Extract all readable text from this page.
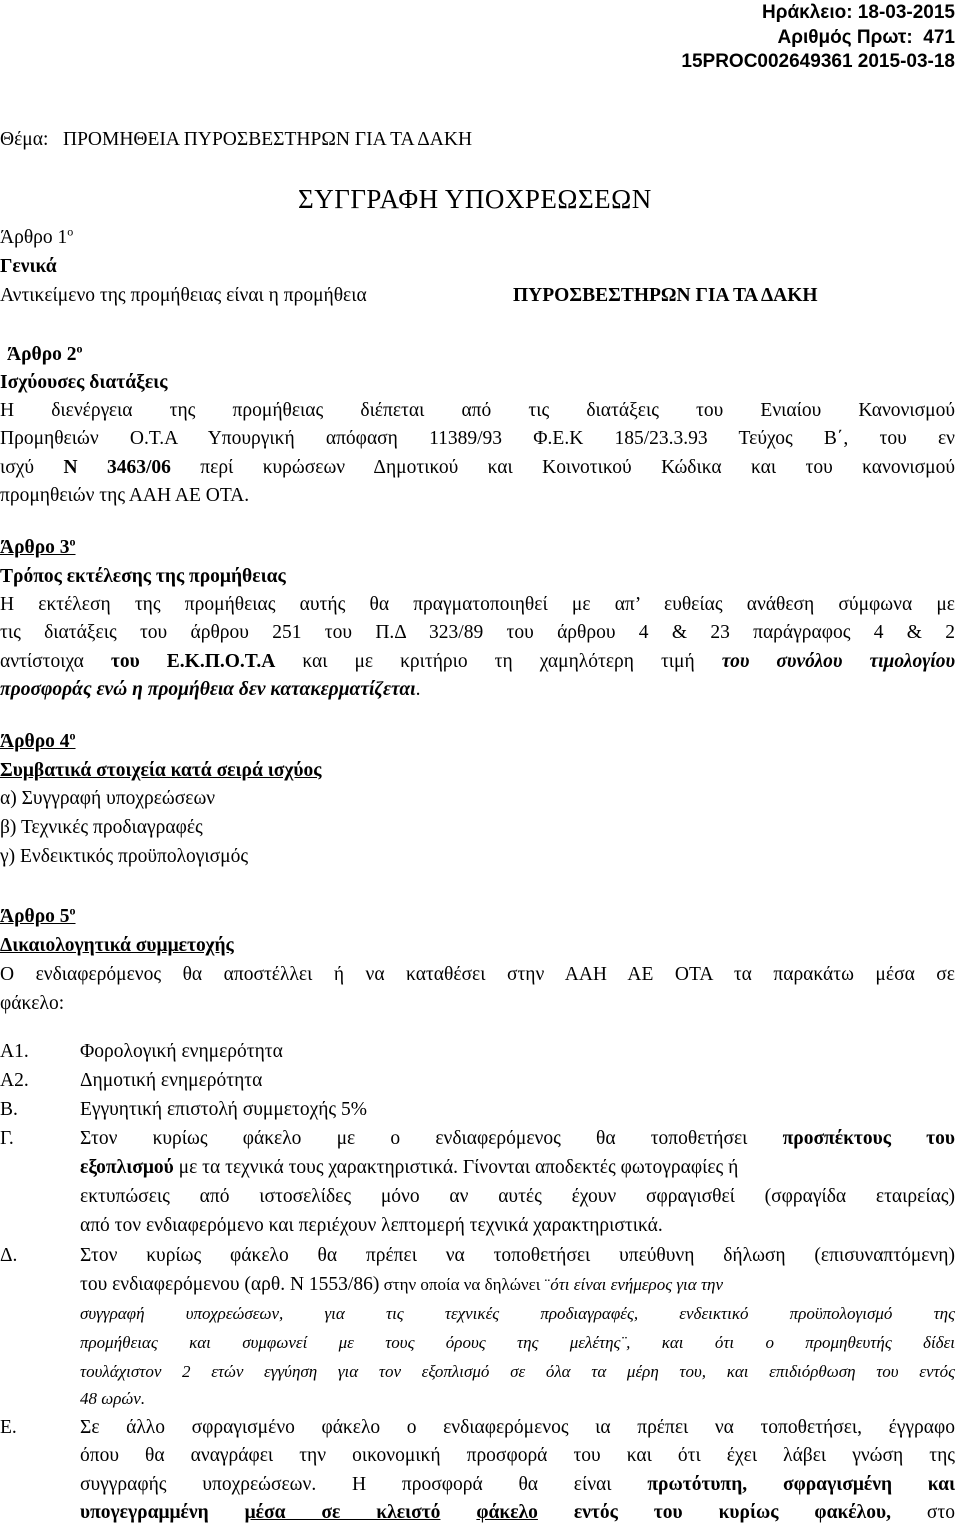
Ηράκλειο: 18-03-2015
Αριθμός Πρωτ: 471
15PROC002649361 2015-03-18
Θέμα: ΠΡΟΜΗΘΕΙΑ ΠΥΡΟΣΒΕΣΤΗΡΩΝ ΓΙΑ ΤΑ ΔΑΚΗ
ΣΥΓΓΡΑΦΗ ΥΠΟΧΡΕΩΣΕΩΝ
Άρθρο $1^o$
Γενικά
Αντικείμενο της προμήθειας είναι η προμήθεια	ΠΥΡΟΣΒΕΣΤΗΡΩΝ ΓΙΑ ΤΑ ΔΑΚΗ
Άρθρο $2^o$
Ισχύουσες διατάξεις
Η διενέργεια της προμήθειας διέπεται από τις διατάξεις του Ενιαίου Κανονισμού
Προμηθειών Ο.Τ.Α Υπουργική απόφαση 11389/93 Φ.Ε.Κ 185/23.3.93 Τεύχος Β΄, του εν
ισχύ Ν 3463/06 περί κυρώσεων Δημοτικού και Κοινοτικού Κώδικα και του κανονισμού
προμηθειών της ΑΑΗ ΑΕ ΟΤΑ.
Άρθρο $3^o$
Τρόπος εκτέλεσης της προμήθειας
Η εκτέλεση της προμήθειας αυτής θα πραγματοποιηθεί με απ’ ευθείας ανάθεση σύμφωνα με
τις διατάξεις του άρθρου 251 του Π.Δ 323/89 του άρθρου 4 & 23 παράγραφος 4 & 2
αντίστοιχα του Ε.Κ.Π.Ο.Τ.Α και με κριτήριο τη χαμηλότερη τιμή του συνόλου τιμολογίου
προσφοράς ενώ η προμήθεια δεν κατακερματίζεται.
Άρθρο $4^o$
Συμβατικά στοιχεία κατά σειρά ισχύος
α) Συγγραφή υποχρεώσεων
β) Τεχνικές προδιαγραφές
γ) Ενδεικτικός προϋπολογισμός
Άρθρο $5^o$
Δικαιολογητικά συμμετοχής
Ο ενδιαφερόμενος θα αποστέλλει ή να καταθέσει στην ΑΑΗ ΑΕ ΟΤΑ τα παρακάτω μέσα σε
φάκελο:
Α1.	Φορολογική ενημερότητα
Α2.	Δημοτική ενημερότητα
Β.	Εγγυητική επιστολή συμμετοχής 5%
Γ.	Στον κυρίως φάκελο με ο ενδιαφερόμενος θα τοποθετήσει προσπέκτους του
εξοπλισμού με τα τεχνικά τους χαρακτηριστικά. Γίνονται αποδεκτές φωτογραφίες ή
εκτυπώσεις από ιστοσελίδες μόνο αν αυτές έχουν σφραγισθεί (σφραγίδα εταιρείας)
από τον ενδιαφερόμενο και περιέχουν λεπτομερή τεχνικά χαρακτηριστικά.
Δ.	Στον κυρίως φάκελο θα πρέπει να τοποθετήσει υπεύθυνη δήλωση (επισυναπτόμενη)
του ενδιαφερόμενου (αρθ. Ν 1553/86) στην οποία να δηλώνει ¨ότι είναι ενήμερος για την
συγγραφή υποχρεώσεων, για τις τεχνικές προδιαγραφές, ενδεικτικό προϋπολογισμό της
προμήθειας και συμφωνεί με τους όρους της μελέτης¨, και ότι ο προμηθευτής δίδει
τουλάχιστον 2 ετών εγγύηση για τον εξοπλισμό σε όλα τα μέρη του, και επιδιόρθωση του εντός
48 ωρών.
Ε.	Σε άλλο σφραγισμένο φάκελο ο ενδιαφερόμενος ια πρέπει να τοποθετήσει, έγγραφο
όπου θα αναγράφει την οικονομική προσφορά του και ότι έχει λάβει γνώση της
συγγραφής υποχρεώσεων. Η προσφορά θα είναι πρωτότυπη, σφραγισμένη και
υπογεγραμμένη μέσα σε κλειστό φάκελο εντός του κυρίως φακέλου, στο
